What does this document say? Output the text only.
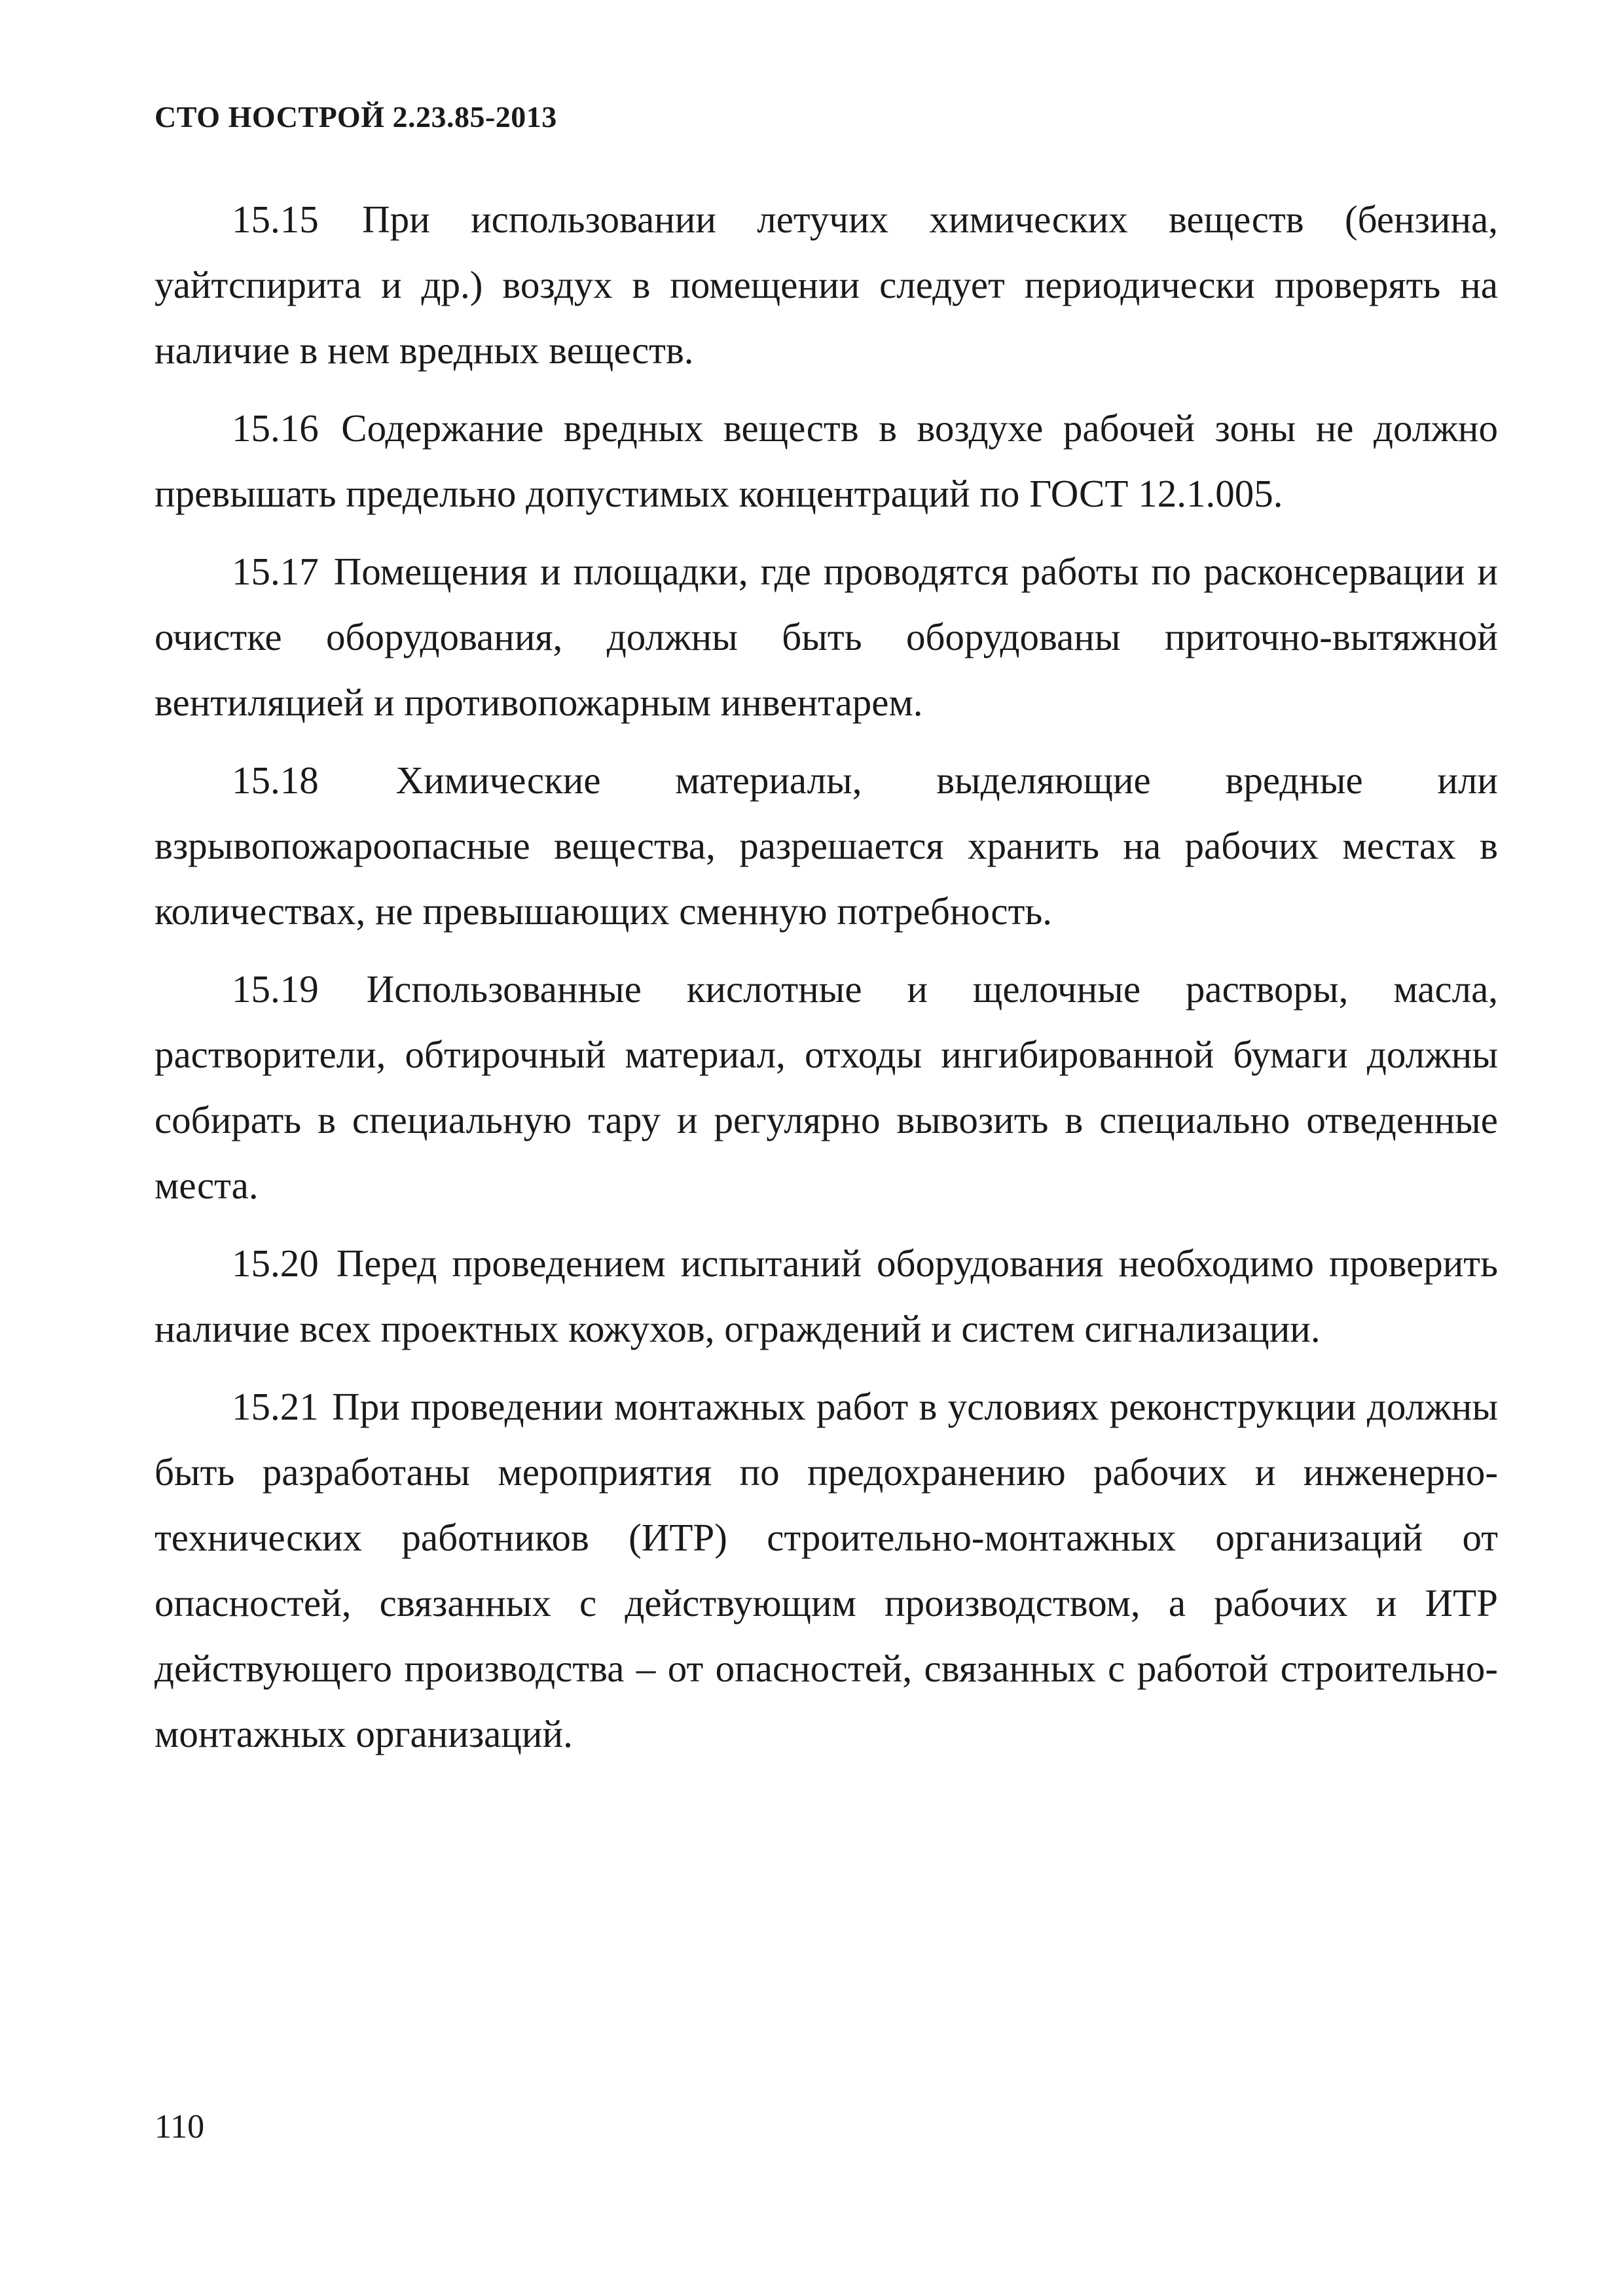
СТО НОСТРОЙ 2.23.85-2013

15.15 При использовании летучих химических веществ (бензина, уайтспирита и др.) воздух в помещении следует периодически проверять на наличие в нем вредных веществ.

15.16 Содержание вредных веществ в воздухе рабочей зоны не должно превышать предельно допустимых концентраций по ГОСТ 12.1.005.

15.17 Помещения и площадки, где проводятся работы по расконсервации и очистке оборудования, должны быть оборудованы приточно-вытяжной вентиляцией и противопожарным инвентарем.

15.18 Химические материалы, выделяющие вредные или взрывопожароопасные вещества, разрешается хранить на рабочих местах в количествах, не превышающих сменную потребность.

15.19 Использованные кислотные и щелочные растворы, масла, растворители, обтирочный материал, отходы ингибированной бумаги должны собирать в специальную тару и регулярно вывозить в специально отведенные места.

15.20 Перед проведением испытаний оборудования необходимо проверить наличие всех проектных кожухов, ограждений и систем сигнализации.

15.21 При проведении монтажных работ в условиях реконструкции должны быть разработаны мероприятия по предохранению рабочих и инженерно-технических работников (ИТР) строительно-монтажных организаций от опасностей, связанных с действующим производством, а рабочих и ИТР действующего производства – от опасностей, связанных с работой строительно-монтажных организаций.

110
